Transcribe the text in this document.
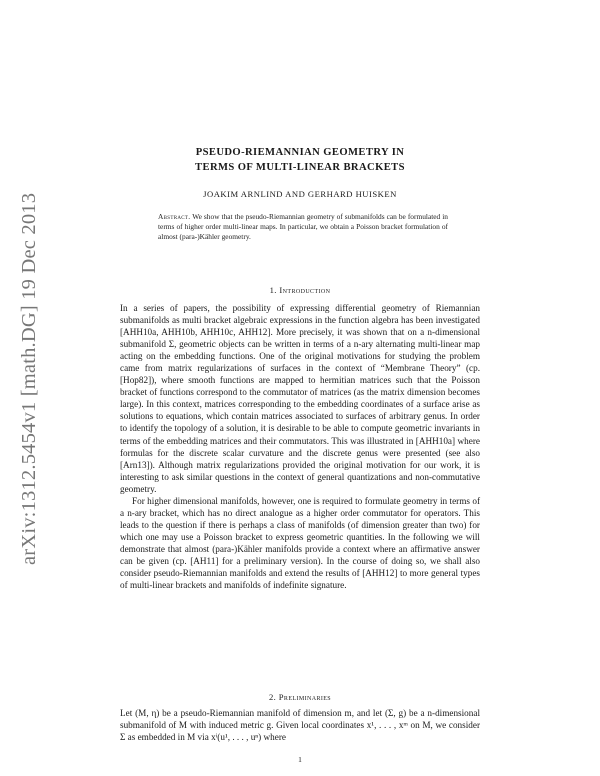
arXiv:1312.5454v1 [math.DG] 19 Dec 2013
PSEUDO-RIEMANNIAN GEOMETRY IN
TERMS OF MULTI-LINEAR BRACKETS
JOAKIM ARNLIND AND GERHARD HUISKEN
Abstract. We show that the pseudo-Riemannian geometry of submanifolds can be formulated in terms of higher order multi-linear maps. In particular, we obtain a Poisson bracket formulation of almost (para-)Kähler geometry.
1. Introduction

In a series of papers, the possibility of expressing differential geometry of Riemannian submanifolds as multi bracket algebraic expressions in the function algebra has been investigated [AHH10a, AHH10b, AHH10c, AHH12]. More precisely, it was shown that on a n-dimensional submanifold Σ, geometric objects can be written in terms of a n-ary alternating multi-linear map acting on the embedding functions. One of the original motivations for studying the problem came from matrix regularizations of surfaces in the context of “Membrane Theory” (cp. [Hop82]), where smooth functions are mapped to hermitian matrices such that the Poisson bracket of functions correspond to the commutator of matrices (as the matrix dimension becomes large). In this context, matrices corresponding to the embedding coordinates of a surface arise as solutions to equations, which contain matrices associated to surfaces of arbitrary genus. In order to identify the topology of a solution, it is desirable to be able to compute geometric invariants in terms of the embedding matrices and their commutators. This was illustrated in [AHH10a] where formulas for the discrete scalar curvature and the discrete genus were presented (see also [Arn13]). Although matrix regularizations provided the original motivation for our work, it is interesting to ask similar questions in the context of general quantizations and non-commutative geometry.

For higher dimensional manifolds, however, one is required to formulate geometry in terms of a n-ary bracket, which has no direct analogue as a higher order commutator for operators. This leads to the question if there is perhaps a class of manifolds (of dimension greater than two) for which one may use a Poisson bracket to express geometric quantities. In the following we will demonstrate that almost (para-)Kähler manifolds provide a context where an affirmative answer can be given (cp. [AH11] for a preliminary version). In the course of doing so, we shall also consider pseudo-Riemannian manifolds and extend the results of [AHH12] to more general types of multi-linear brackets and manifolds of indefinite signature.

2. Preliminaries

Let (M, η) be a pseudo-Riemannian manifold of dimension m, and let (Σ, g) be a n-dimensional submanifold of M with induced metric g. Given local coordinates x¹, . . . , xᵐ on M, we consider Σ as embedded in M via xⁱ(u¹, . . . , uⁿ) where

1
